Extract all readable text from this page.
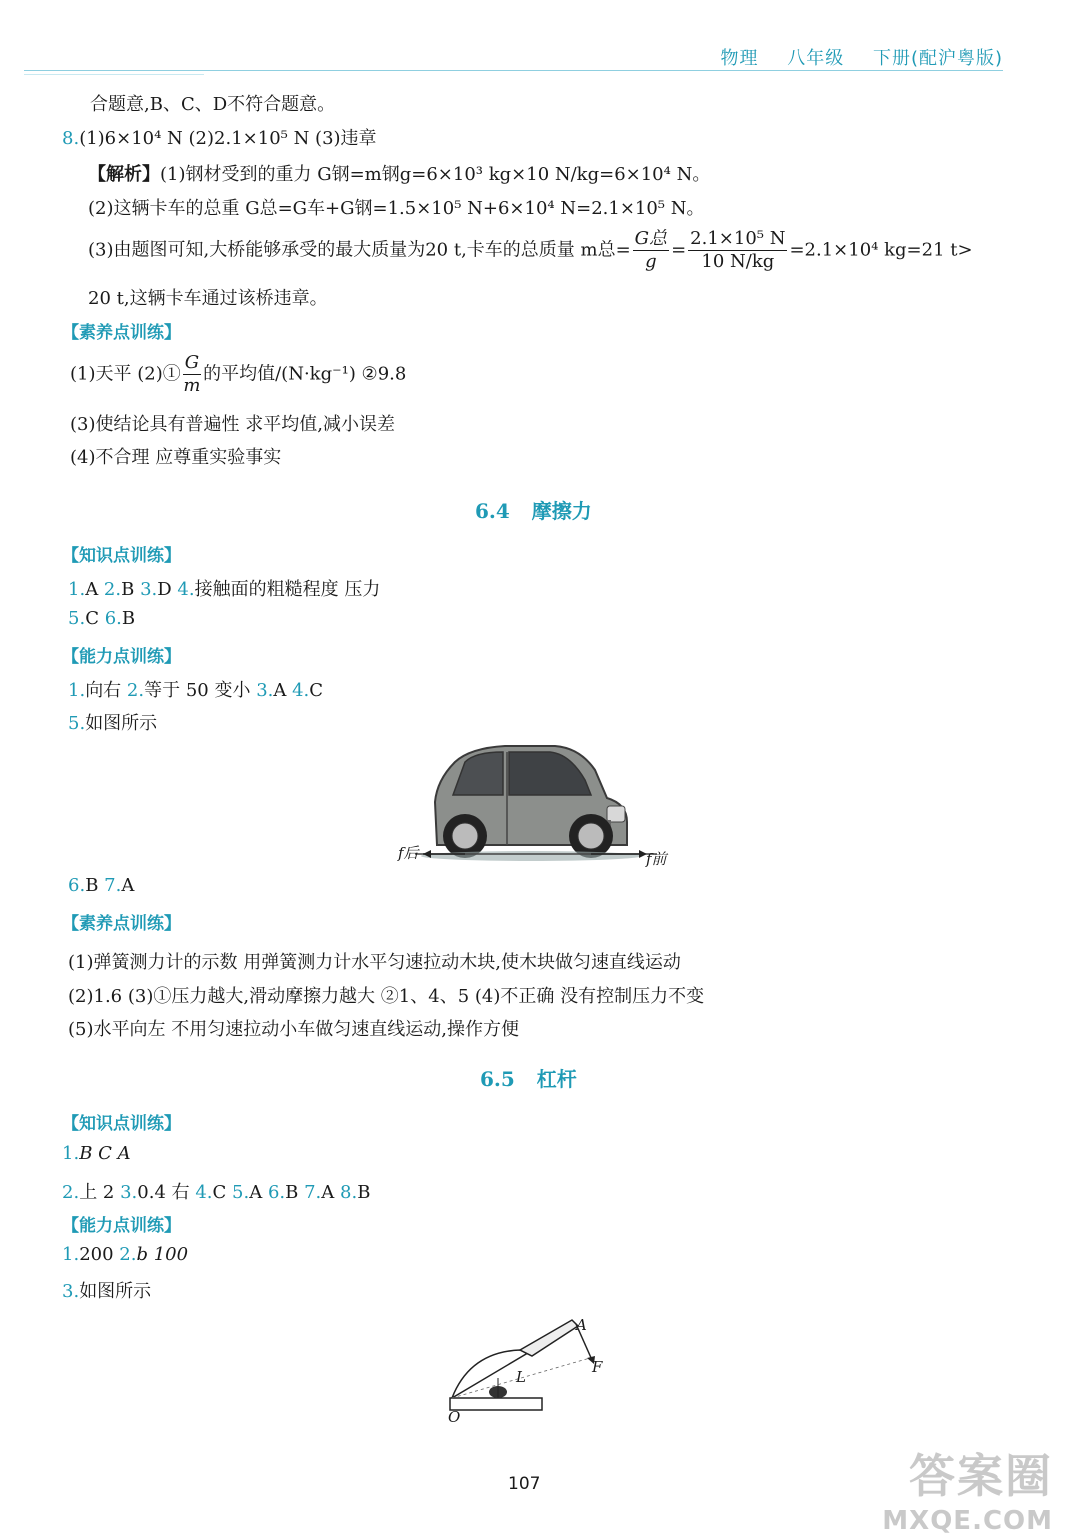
物理 八年级 下册(配沪粤版)
合题意,B、C、D不符合题意。
8.(1)6×10⁴ N (2)2.1×10⁵ N (3)违章
【解析】(1)钢材受到的重力 G钢=m钢g=6×10³ kg×10 N/kg=6×10⁴ N。
(2)这辆卡车的总重 G总=G车+G钢=1.5×10⁵ N+6×10⁴ N=2.1×10⁵ N。
(3)由题图可知,大桥能够承受的最大质量为20 t,卡车的总质量 m总= $\frac{\text{G总}}{g} = \frac{\text{2.1×10⁵ N}}{10 N/kg} =2.1\times 10^4$ kg=21 t>
20 t,这辆卡车通过该桥违章。
【素养点训练】
(1)天平 (2)① $\frac{G}{m}$ 的平均值/(N·kg⁻¹) ②9.8
(3)使结论具有普遍性 求平均值,减小误差
(4)不合理 应尊重实验事实
6.4 摩擦力
【知识点训练】
1.A 2.B 3.D 4.接触面的粗糙程度 压力
5.C 6.B
【能力点训练】
1.向右 2.等于 50 变小 3.A 4.C
5.如图所示
f后	f前
6.B 7.A
【素养点训练】
(1)弹簧测力计的示数 用弹簧测力计水平匀速拉动木块,使木块做匀速直线运动
(2)1.6 (3)①压力越大,滑动摩擦力越大 ②1、4、5 (4)不正确 没有控制压力不变
(5)水平向左 不用匀速拉动小车做匀速直线运动,操作方便
6.5 杠杆
【知识点训练】
1.B C A
2.上 2 3.0.4 右 4.C 5.A 6.B 7.A 8.B
【能力点训练】
1.200 2.b 100
3.如图所示
A
F
L
O
107	答案圈
MXQE.COM
